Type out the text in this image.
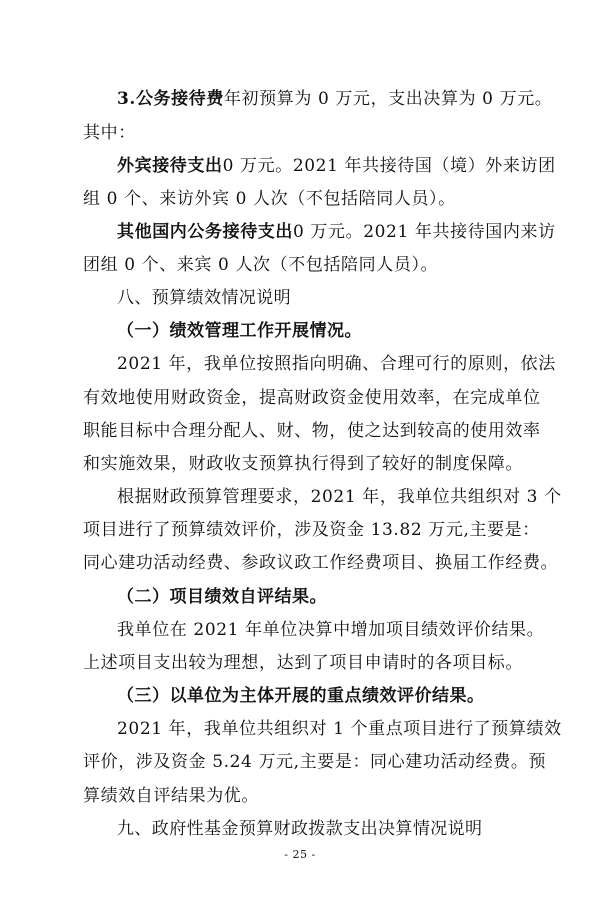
3.公务接待费年初预算为 0 万元，支出决算为 0 万元。
其中：
外宾接待支出0 万元。2021 年共接待国（境）外来访团
组 0 个、来访外宾 0 人次（不包括陪同人员）。
其他国内公务接待支出0 万元。2021 年共接待国内来访
团组 0 个、来宾 0 人次（不包括陪同人员）。
八、预算绩效情况说明
（一）绩效管理工作开展情况。
2021 年，我单位按照指向明确、合理可行的原则，依法
有效地使用财政资金，提高财政资金使用效率，在完成单位
职能目标中合理分配人、财、物，使之达到较高的使用效率
和实施效果，财政收支预算执行得到了较好的制度保障。
根据财政预算管理要求，2021 年，我单位共组织对 3 个
项目进行了预算绩效评价，涉及资金 13.82 万元,主要是：
同心建功活动经费、参政议政工作经费项目、换届工作经费。
（二）项目绩效自评结果。
我单位在 2021 年单位决算中增加项目绩效评价结果。
上述项目支出较为理想，达到了项目申请时的各项目标。
（三）以单位为主体开展的重点绩效评价结果。
2021 年，我单位共组织对 1 个重点项目进行了预算绩效
评价，涉及资金 5.24 万元,主要是：同心建功活动经费。预
算绩效自评结果为优。
九、政府性基金预算财政拨款支出决算情况说明
- 25 -
